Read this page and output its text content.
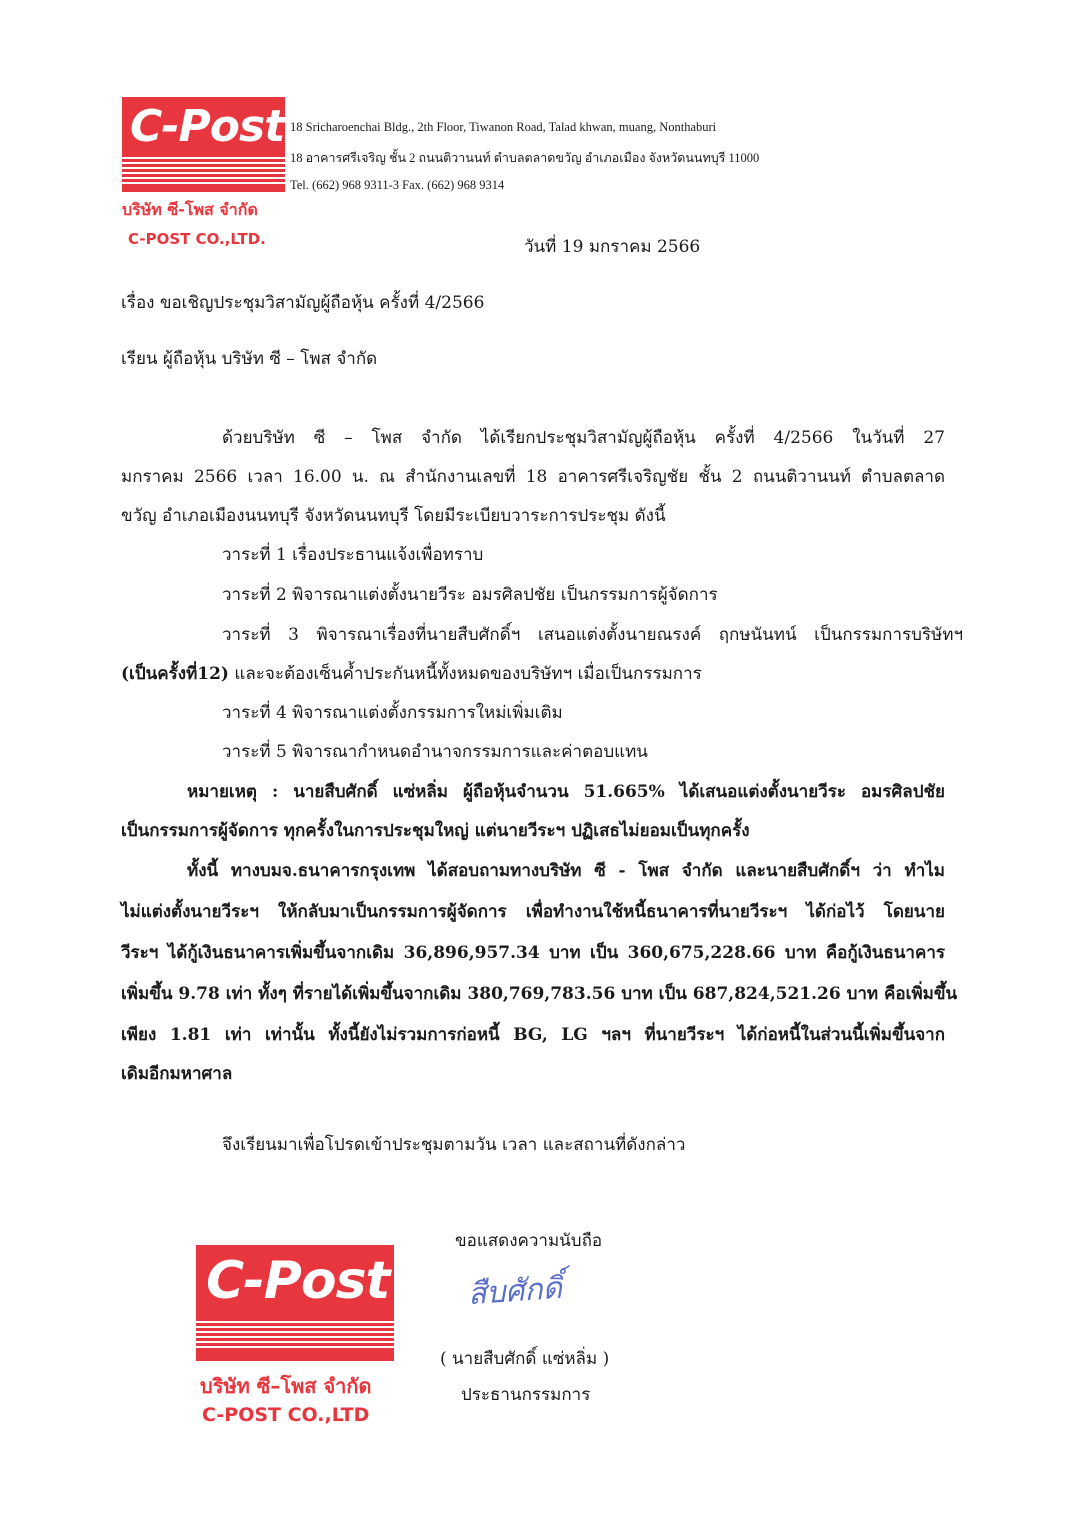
C-Post
บริษัท ซี-โพส จำกัด
C-POST CO.,LTD.
18 Sricharoenchai Bldg., 2th Floor, Tiwanon Road, Talad khwan, muang, Nonthaburi
18 อาคารศรีเจริญ ชั้น 2 ถนนติวานนท์ ตำบลตลาดขวัญ อำเภอเมือง จังหวัดนนทบุรี 11000
Tel. (662) 968 9311-3 Fax. (662) 968 9314
วันที่ 19 มกราคม 2566
เรื่อง ขอเชิญประชุมวิสามัญผู้ถือหุ้น ครั้งที่ 4/2566
เรียน ผู้ถือหุ้น บริษัท ซี – โพส จำกัด
ด้วยบริษัท ซี – โพส จำกัด ได้เรียกประชุมวิสามัญผู้ถือหุ้น ครั้งที่ 4/2566 ในวันที่ 27
มกราคม 2566 เวลา 16.00 น. ณ สำนักงานเลขที่ 18 อาคารศรีเจริญชัย ชั้น 2 ถนนติวานนท์ ตำบลตลาด
ขวัญ อำเภอเมืองนนทบุรี จังหวัดนนทบุรี โดยมีระเบียบวาระการประชุม ดังนี้
วาระที่ 1 เรื่องประธานแจ้งเพื่อทราบ
วาระที่ 2 พิจารณาแต่งตั้งนายวีระ อมรศิลปชัย เป็นกรรมการผู้จัดการ
วาระที่ 3 พิจารณาเรื่องที่นายสืบศักดิ์ฯ เสนอแต่งตั้งนายณรงค์ ฤกษนันทน์ เป็นกรรมการบริษัทฯ
(เป็นครั้งที่12) และจะต้องเซ็นค้ำประกันหนี้ทั้งหมดของบริษัทฯ เมื่อเป็นกรรมการ
วาระที่ 4 พิจารณาแต่งตั้งกรรมการใหม่เพิ่มเติม
วาระที่ 5 พิจารณากำหนดอำนาจกรรมการและค่าตอบแทน
หมายเหตุ : นายสืบศักดิ์ แซ่หลิ่ม ผู้ถือหุ้นจำนวน 51.665% ได้เสนอแต่งตั้งนายวีระ อมรศิลปชัย
เป็นกรรมการผู้จัดการ ทุกครั้งในการประชุมใหญ่ แต่นายวีระฯ ปฏิเสธไม่ยอมเป็นทุกครั้ง
ทั้งนี้ ทางบมจ.ธนาคารกรุงเทพ ได้สอบถามทางบริษัท ซี - โพส จำกัด และนายสืบศักดิ์ฯ ว่า ทำไม
ไม่แต่งตั้งนายวีระฯ ให้กลับมาเป็นกรรมการผู้จัดการ เพื่อทำงานใช้หนี้ธนาคารที่นายวีระฯ ได้ก่อไว้ โดยนาย
วีระฯ ได้กู้เงินธนาคารเพิ่มขึ้นจากเดิม 36,896,957.34 บาท เป็น 360,675,228.66 บาท คือกู้เงินธนาคาร
เพิ่มขึ้น 9.78 เท่า ทั้งๆ ที่รายได้เพิ่มขึ้นจากเดิม 380,769,783.56 บาท เป็น 687,824,521.26 บาท คือเพิ่มขึ้น
เพียง 1.81 เท่า เท่านั้น ทั้งนี้ยังไม่รวมการก่อหนี้ BG, LG ฯลฯ ที่นายวีระฯ ได้ก่อหนี้ในส่วนนี้เพิ่มขึ้นจาก
เดิมอีกมหาศาล
จึงเรียนมาเพื่อโปรดเข้าประชุมตามวัน เวลา และสถานที่ดังกล่าว
ขอแสดงความนับถือ
สืบศักดิ์
( นายสืบศักดิ์ แซ่หลิ่ม )
ประธานกรรมการ
C-Post
บริษัท ซี–โพส จำกัด
C-POST CO.,LTD
